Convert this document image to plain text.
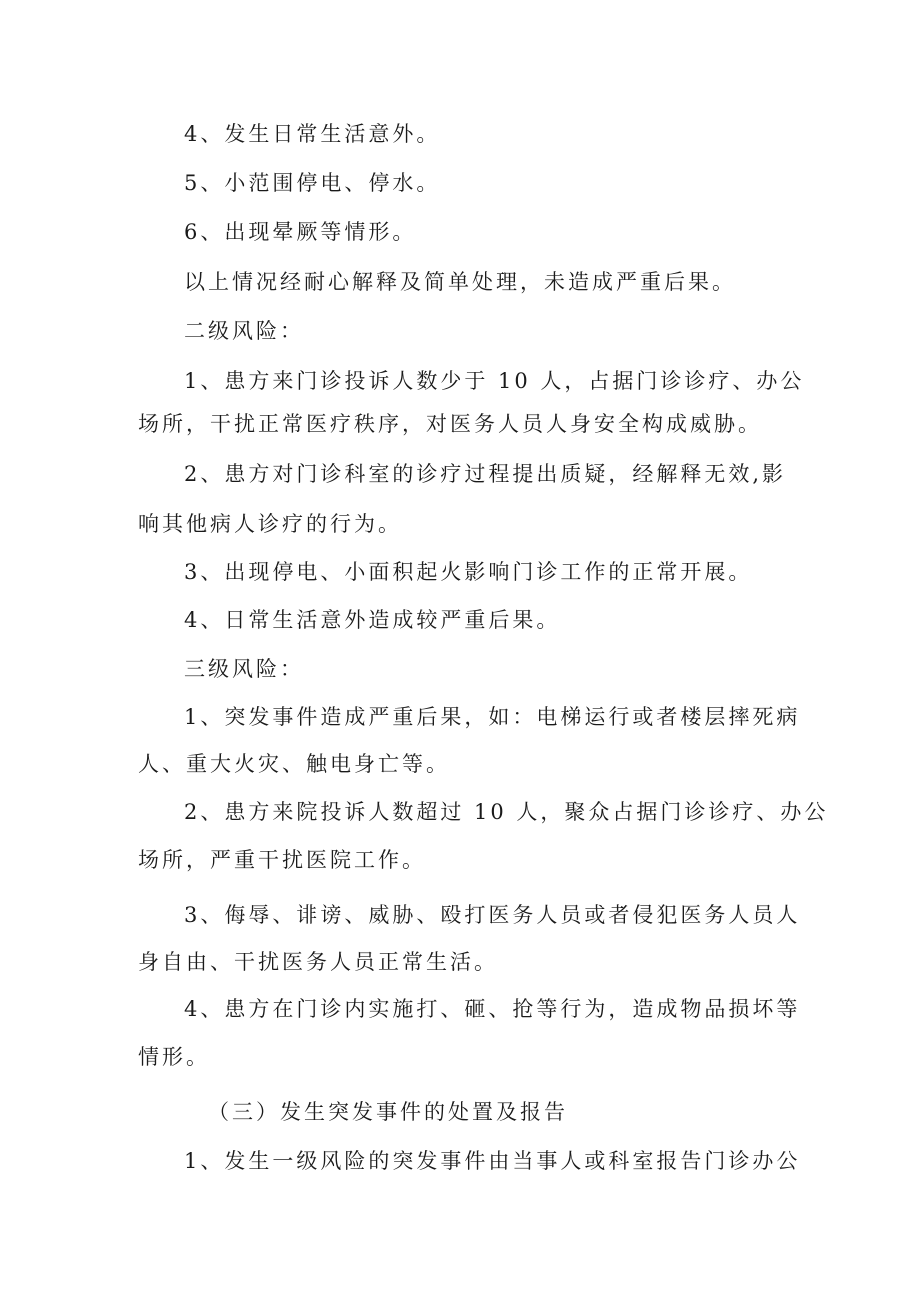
4、发生日常生活意外。
5、小范围停电、停水。
6、出现晕厥等情形。
以上情况经耐心解释及简单处理，未造成严重后果。
二级风险：
1、患方来门诊投诉人数少于 10 人，占据门诊诊疗、办公
场所，干扰正常医疗秩序，对医务人员人身安全构成威胁。
2、患方对门诊科室的诊疗过程提出质疑，经解释无效,影
响其他病人诊疗的行为。
3、出现停电、小面积起火影响门诊工作的正常开展。
4、日常生活意外造成较严重后果。
三级风险：
1、突发事件造成严重后果，如：电梯运行或者楼层摔死病
人、重大火灾、触电身亡等。
2、患方来院投诉人数超过 10 人，聚众占据门诊诊疗、办公
场所，严重干扰医院工作。
3、侮辱、诽谤、威胁、殴打医务人员或者侵犯医务人员人
身自由、干扰医务人员正常生活。
4、患方在门诊内实施打、砸、抢等行为，造成物品损坏等
情形。
（三）发生突发事件的处置及报告
1、发生一级风险的突发事件由当事人或科室报告门诊办公
